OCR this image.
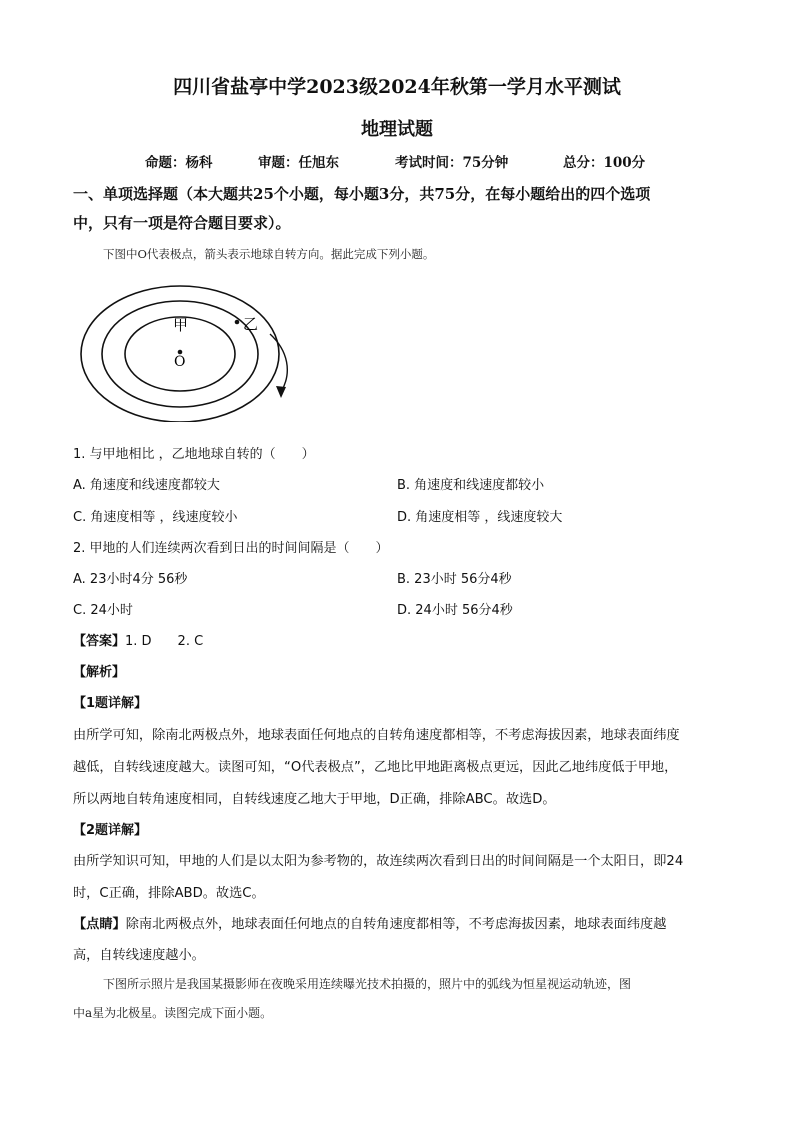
四川省盐亭中学2023级2024年秋第一学月水平测试
地理试题
命题：杨科	审题：任旭东	考试时间：75分钟	总分：100分
一、单项选择题（本大题共25个小题，每小题3分，共75分，在每小题给出的四个选项
中，只有一项是符合题目要求）。
下图中O代表极点，箭头表示地球自转方向。据此完成下列小题。
甲	乙
O
1. 与甲地相比 ，乙地地球自转的（　　）
A. 角速度和线速度都较大	B. 角速度和线速度都较小
C. 角速度相等 ，线速度较小	D. 角速度相等 ，线速度较大
2. 甲地的人们连续两次看到日出的时间间隔是（　　）
A. 23小时4分 56秒	B. 23小时 56分4秒
C. 24小时	D. 24小时 56分4秒
【答案】1. D　　2. C
【解析】
【1题详解】
由所学可知，除南北两极点外，地球表面任何地点的自转角速度都相等，不考虑海拔因素，地球表面纬度
越低，自转线速度越大。读图可知，“O代表极点”，乙地比甲地距离极点更远，因此乙地纬度低于甲地，
所以两地自转角速度相同，自转线速度乙地大于甲地，D正确，排除ABC。故选D。
【2题详解】
由所学知识可知，甲地的人们是以太阳为参考物的，故连续两次看到日出的时间间隔是一个太阳日，即24
时，C正确，排除ABD。故选C。
【点睛】除南北两极点外，地球表面任何地点的自转角速度都相等，不考虑海拔因素，地球表面纬度越
高，自转线速度越小。
下图所示照片是我国某摄影师在夜晚采用连续曝光技术拍摄的，照片中的弧线为恒星视运动轨迹，图
中a星为北极星。读图完成下面小题。
